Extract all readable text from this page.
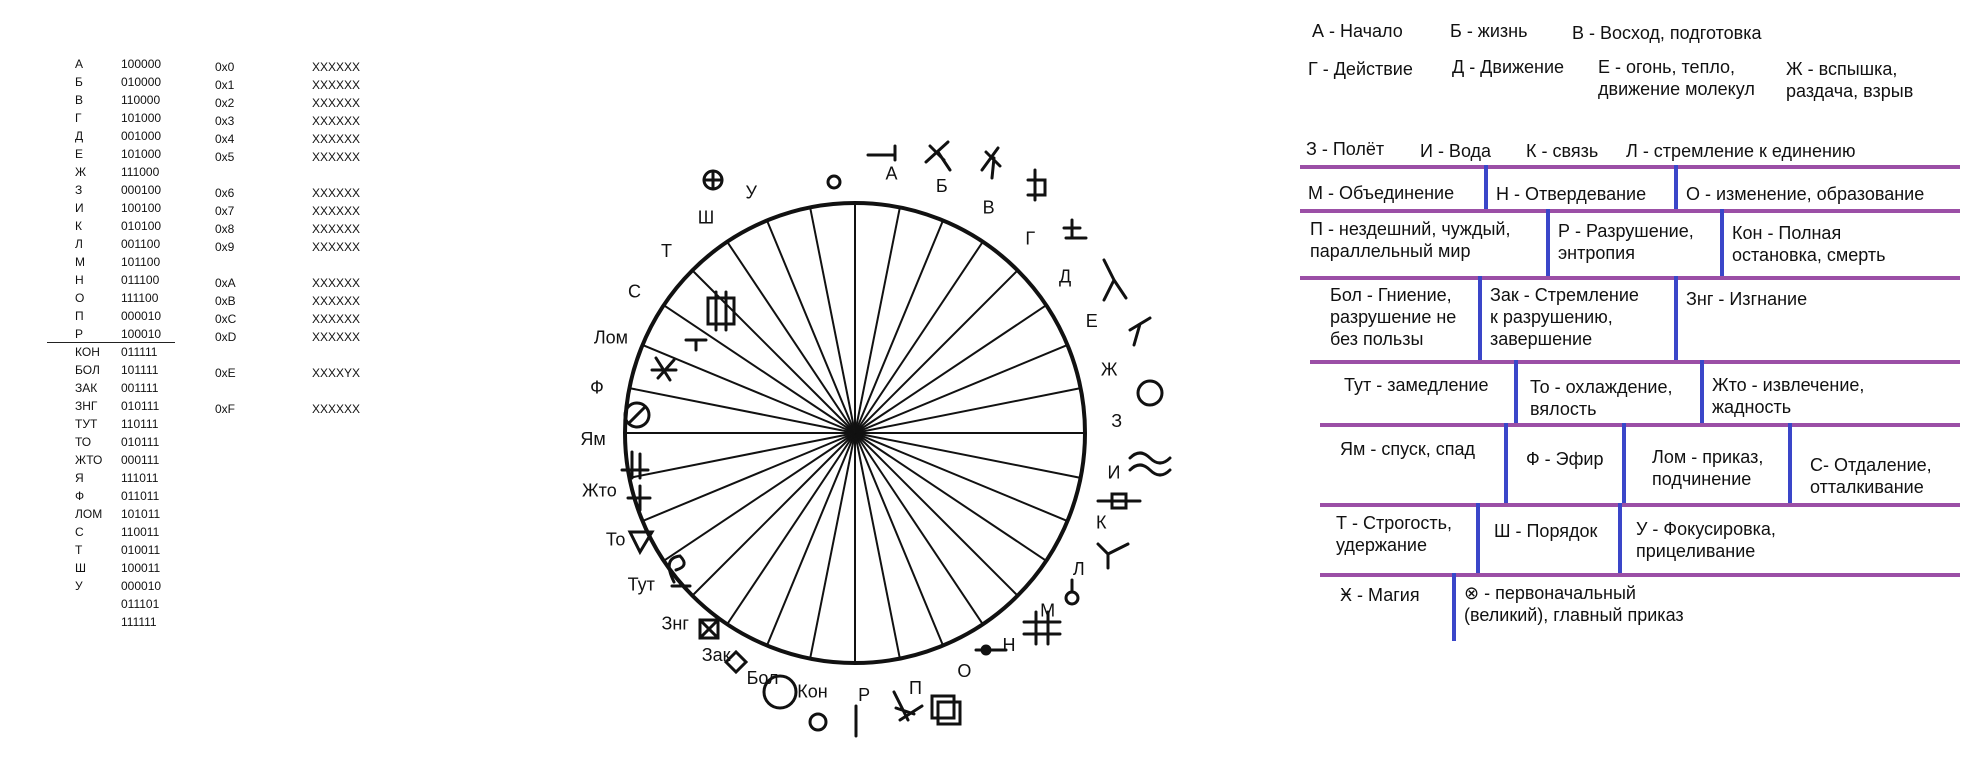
А	100000
Б	010000
В	110000
Г	101000
Д	001000
Е	101000
Ж	111000
З	000100
И	100100
К	010100
Л	001100
М	101100
Н	011100
О	111100
П	000010
Р	100010
КОН 011111
БОЛ 101111
ЗАК 001111
ЗНГ 010111
ТУТ 110111
ТО 010111
ЖТО 000111
Я	111011
Ф	011011
ЛОМ 101011
С	110011
Т	010011
Ш	100011
У	000010
011101
111111
0x0	XXXXXX
0x1	XXXXXX
0x2	XXXXXX
0x3	XXXXXX
0x4	XXXXXX
0x5	XXXXXX
0x6	XXXXXX
0x7	XXXXXX
0x8	XXXXXX
0x9	XXXXXX
0xA	XXXXXX
0xB	XXXXXX
0xC	XXXXXX
0xD	XXXXXX
0xE	XXXXYX
0xF	XXXXXX
А
Б
В
Г
Д
Е
Ж
З
И
К
Л
М
Н
О
П
Р
Кон
Бол
Зак
Знг
Тут
То
Жто
Ям
Ф
Лом
С
Т
Ш
У
А - Начало	Б - жизнь В - Восход, подготовка
Г - Действие Д - Движение Е - огонь, тепло,
движение молекул
Ж - вспышка,
раздача, взрыв
З - Полёт И - Вода К - связь Л - стремление к единению
М - Объединение Н - Отвердевание О - изменение, образование
П - нездешний, чуждый,
параллельный мир
Р - Разрушение,
энтропия
Кон - Полная
остановка, смерть
Бол - Гниение,
разрушение не
без пользы
Зак - Стремление
к разрушению,
завершение
Знг - Изгнание
Тут - замедление То - охлаждение,
вялость
Жто - извлечение,
жадность
Ям - спуск, спад	Ф - Эфир	Лом - приказ,
подчинение
С- Отдаление,
отталкивание
Т - Строгость,
удержание
Ш - Порядок У - Фокусировка,
прицеливание
Ӿ - Магия ⊗ - первоначальный
(великий), главный приказ
